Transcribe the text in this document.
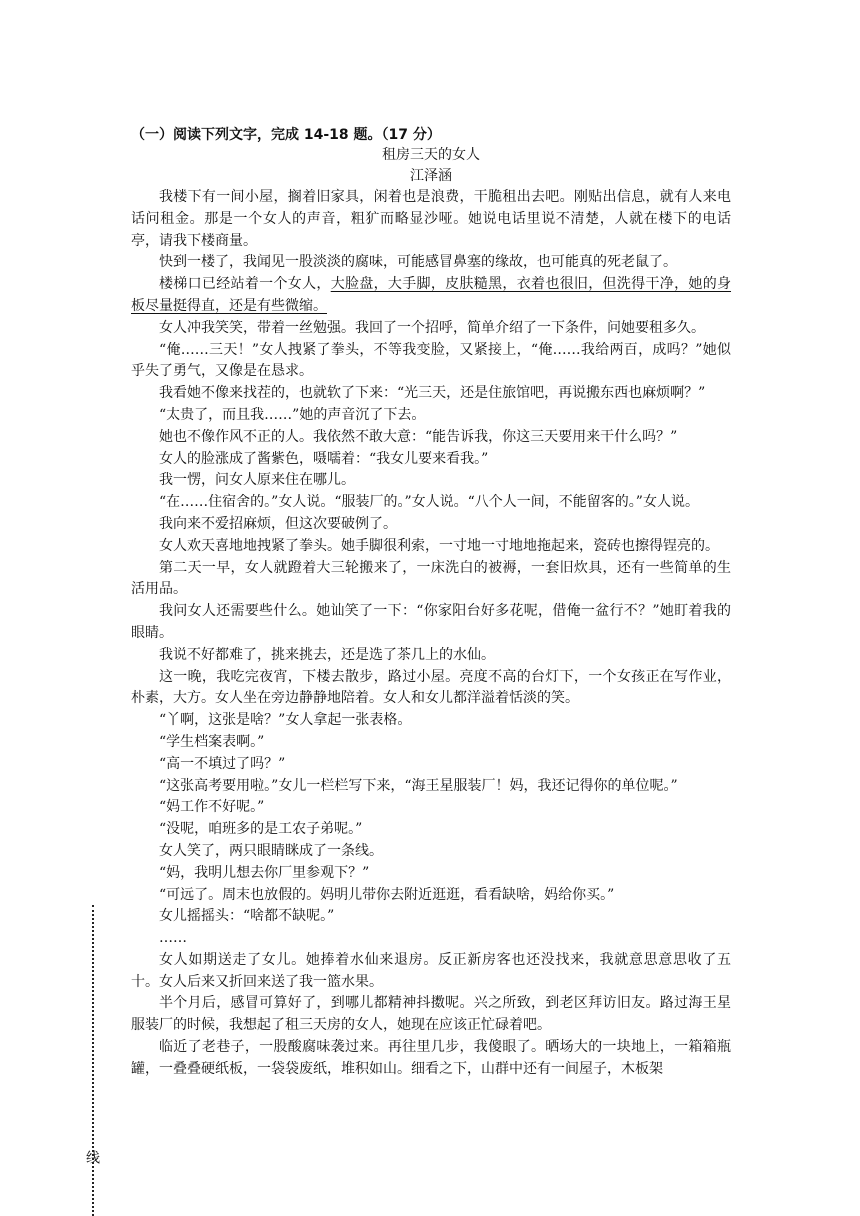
（一）阅读下列文字，完成 14-18 题。（17 分）
租房三天的女人
江泽涵

我楼下有一间小屋，搁着旧家具，闲着也是浪费，干脆租出去吧。刚贴出信息，就有人来电话问租金。那是一个女人的声音，粗犷而略显沙哑。她说电话里说不清楚，人就在楼下的电话亭，请我下楼商量。

快到一楼了，我闻见一股淡淡的腐味，可能感冒鼻塞的缘故，也可能真的死老鼠了。

楼梯口已经站着一个女人，大脸盘，大手脚，皮肤糙黑，衣着也很旧，但洗得干净，她的身板尽量挺得直，还是有些微缩。

女人冲我笑笑，带着一丝勉强。我回了一个招呼，简单介绍了一下条件，问她要租多久。

“俺……三天！”女人拽紧了拳头，不等我变脸，又紧接上，“俺……我给两百，成吗？”她似乎失了勇气，又像是在恳求。

我看她不像来找茬的，也就软了下来：“光三天，还是住旅馆吧，再说搬东西也麻烦啊？”

“太贵了，而且我……”她的声音沉了下去。

她也不像作风不正的人。我依然不敢大意：“能告诉我，你这三天要用来干什么吗？”

女人的脸涨成了酱紫色，嗫嚅着：“我女儿要来看我。”

我一愣，问女人原来住在哪儿。

“在……住宿舍的。”女人说。“服装厂的。”女人说。“八个人一间，不能留客的。”女人说。

我向来不爱招麻烦，但这次要破例了。

女人欢天喜地地拽紧了拳头。她手脚很利索，一寸地一寸地地拖起来，瓷砖也擦得锃亮的。

第二天一早，女人就蹬着大三轮搬来了，一床洗白的被褥，一套旧炊具，还有一些简单的生活用品。

我问女人还需要些什么。她讪笑了一下：“你家阳台好多花呢，借俺一盆行不？”她盯着我的眼睛。

我说不好都难了，挑来挑去，还是选了茶几上的水仙。

这一晚，我吃完夜宵，下楼去散步，路过小屋。亮度不高的台灯下，一个女孩正在写作业，朴素，大方。女人坐在旁边静静地陪着。女人和女儿都洋溢着恬淡的笑。

“丫啊，这张是啥？”女人拿起一张表格。

“学生档案表啊。”

“高一不填过了吗？”

“这张高考要用啦。”女儿一栏栏写下来，“海王星服装厂！妈，我还记得你的单位呢。”

“妈工作不好呢。”

“没呢，咱班多的是工农子弟呢。”

女人笑了，两只眼睛眯成了一条线。

“妈，我明儿想去你厂里参观下？”

“可远了。周末也放假的。妈明儿带你去附近逛逛，看看缺啥，妈给你买。”

女儿摇摇头：“啥都不缺呢。”

……

女人如期送走了女儿。她捧着水仙来退房。反正新房客也还没找来，我就意思意思收了五十。女人后来又折回来送了我一篮水果。

半个月后，感冒可算好了，到哪儿都精神抖擞呢。兴之所致，到老区拜访旧友。路过海王星服装厂的时候，我想起了租三天房的女人，她现在应该正忙碌着吧。

临近了老巷子，一股酸腐味袭过来。再往里几步，我傻眼了。晒场大的一块地上，一箱箱瓶罐，一叠叠硬纸板，一袋袋废纸，堆积如山。细看之下，山群中还有一间屋子，木板架

线
